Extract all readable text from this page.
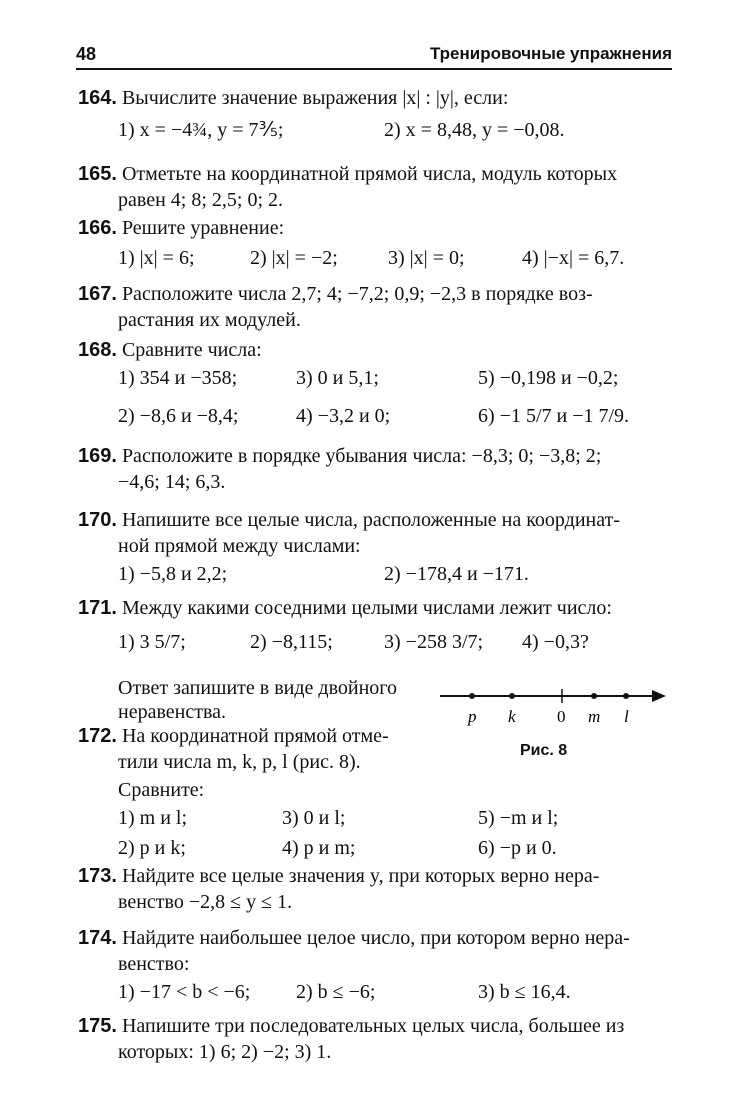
48	Тренировочные упражнения
164. Вычислите значение выражения |x| : |y|, если:
1) x = −4¾, y = 7⅗;	2) x = 8,48, y = −0,08.
165. Отметьте на координатной прямой числа, модуль которых
равен 4; 8; 2,5; 0; 2.
166. Решите уравнение:
1) |x| = 6;	2) |x| = −2;	3) |x| = 0;	4) |−x| = 6,7.
167. Расположите числа 2,7; 4; −7,2; 0,9; −2,3 в порядке воз-
растания их модулей.
168. Сравните числа:
1) 354 и −358;	3) 0 и 5,1;	5) −0,198 и −0,2;
2) −8,6 и −8,4;	4) −3,2 и 0;	6) −1 5/7 и −1 7/9.
169. Расположите в порядке убывания числа: −8,3; 0; −3,8; 2;
−4,6; 14; 6,3.
170. Напишите все целые числа, расположенные на координат-
ной прямой между числами:
1) −5,8 и 2,2;	2) −178,4 и −171.
171. Между какими соседними целыми числами лежит число:
1) 3 5/7;	2) −8,115;	3) −258 3/7; 4) −0,3?
Ответ запишите в виде двойного
неравенства.	p k 0 m l
Рис. 8
172. На координатной прямой отме-
тили числа m, k, p, l (рис. 8).
Сравните:
1) m и l;	3) 0 и l;	5) −m и l;
2) p и k;	4) p и m;	6) −p и 0.
173. Найдите все целые значения y, при которых верно нера-
венство −2,8 ≤ y ≤ 1.
174. Найдите наибольшее целое число, при котором верно нера-
венство:
1) −17 < b < −6; 2) b ≤ −6;	3) b ≤ 16,4.
175. Напишите три последовательных целых числа, большее из
которых: 1) 6; 2) −2; 3) 1.
